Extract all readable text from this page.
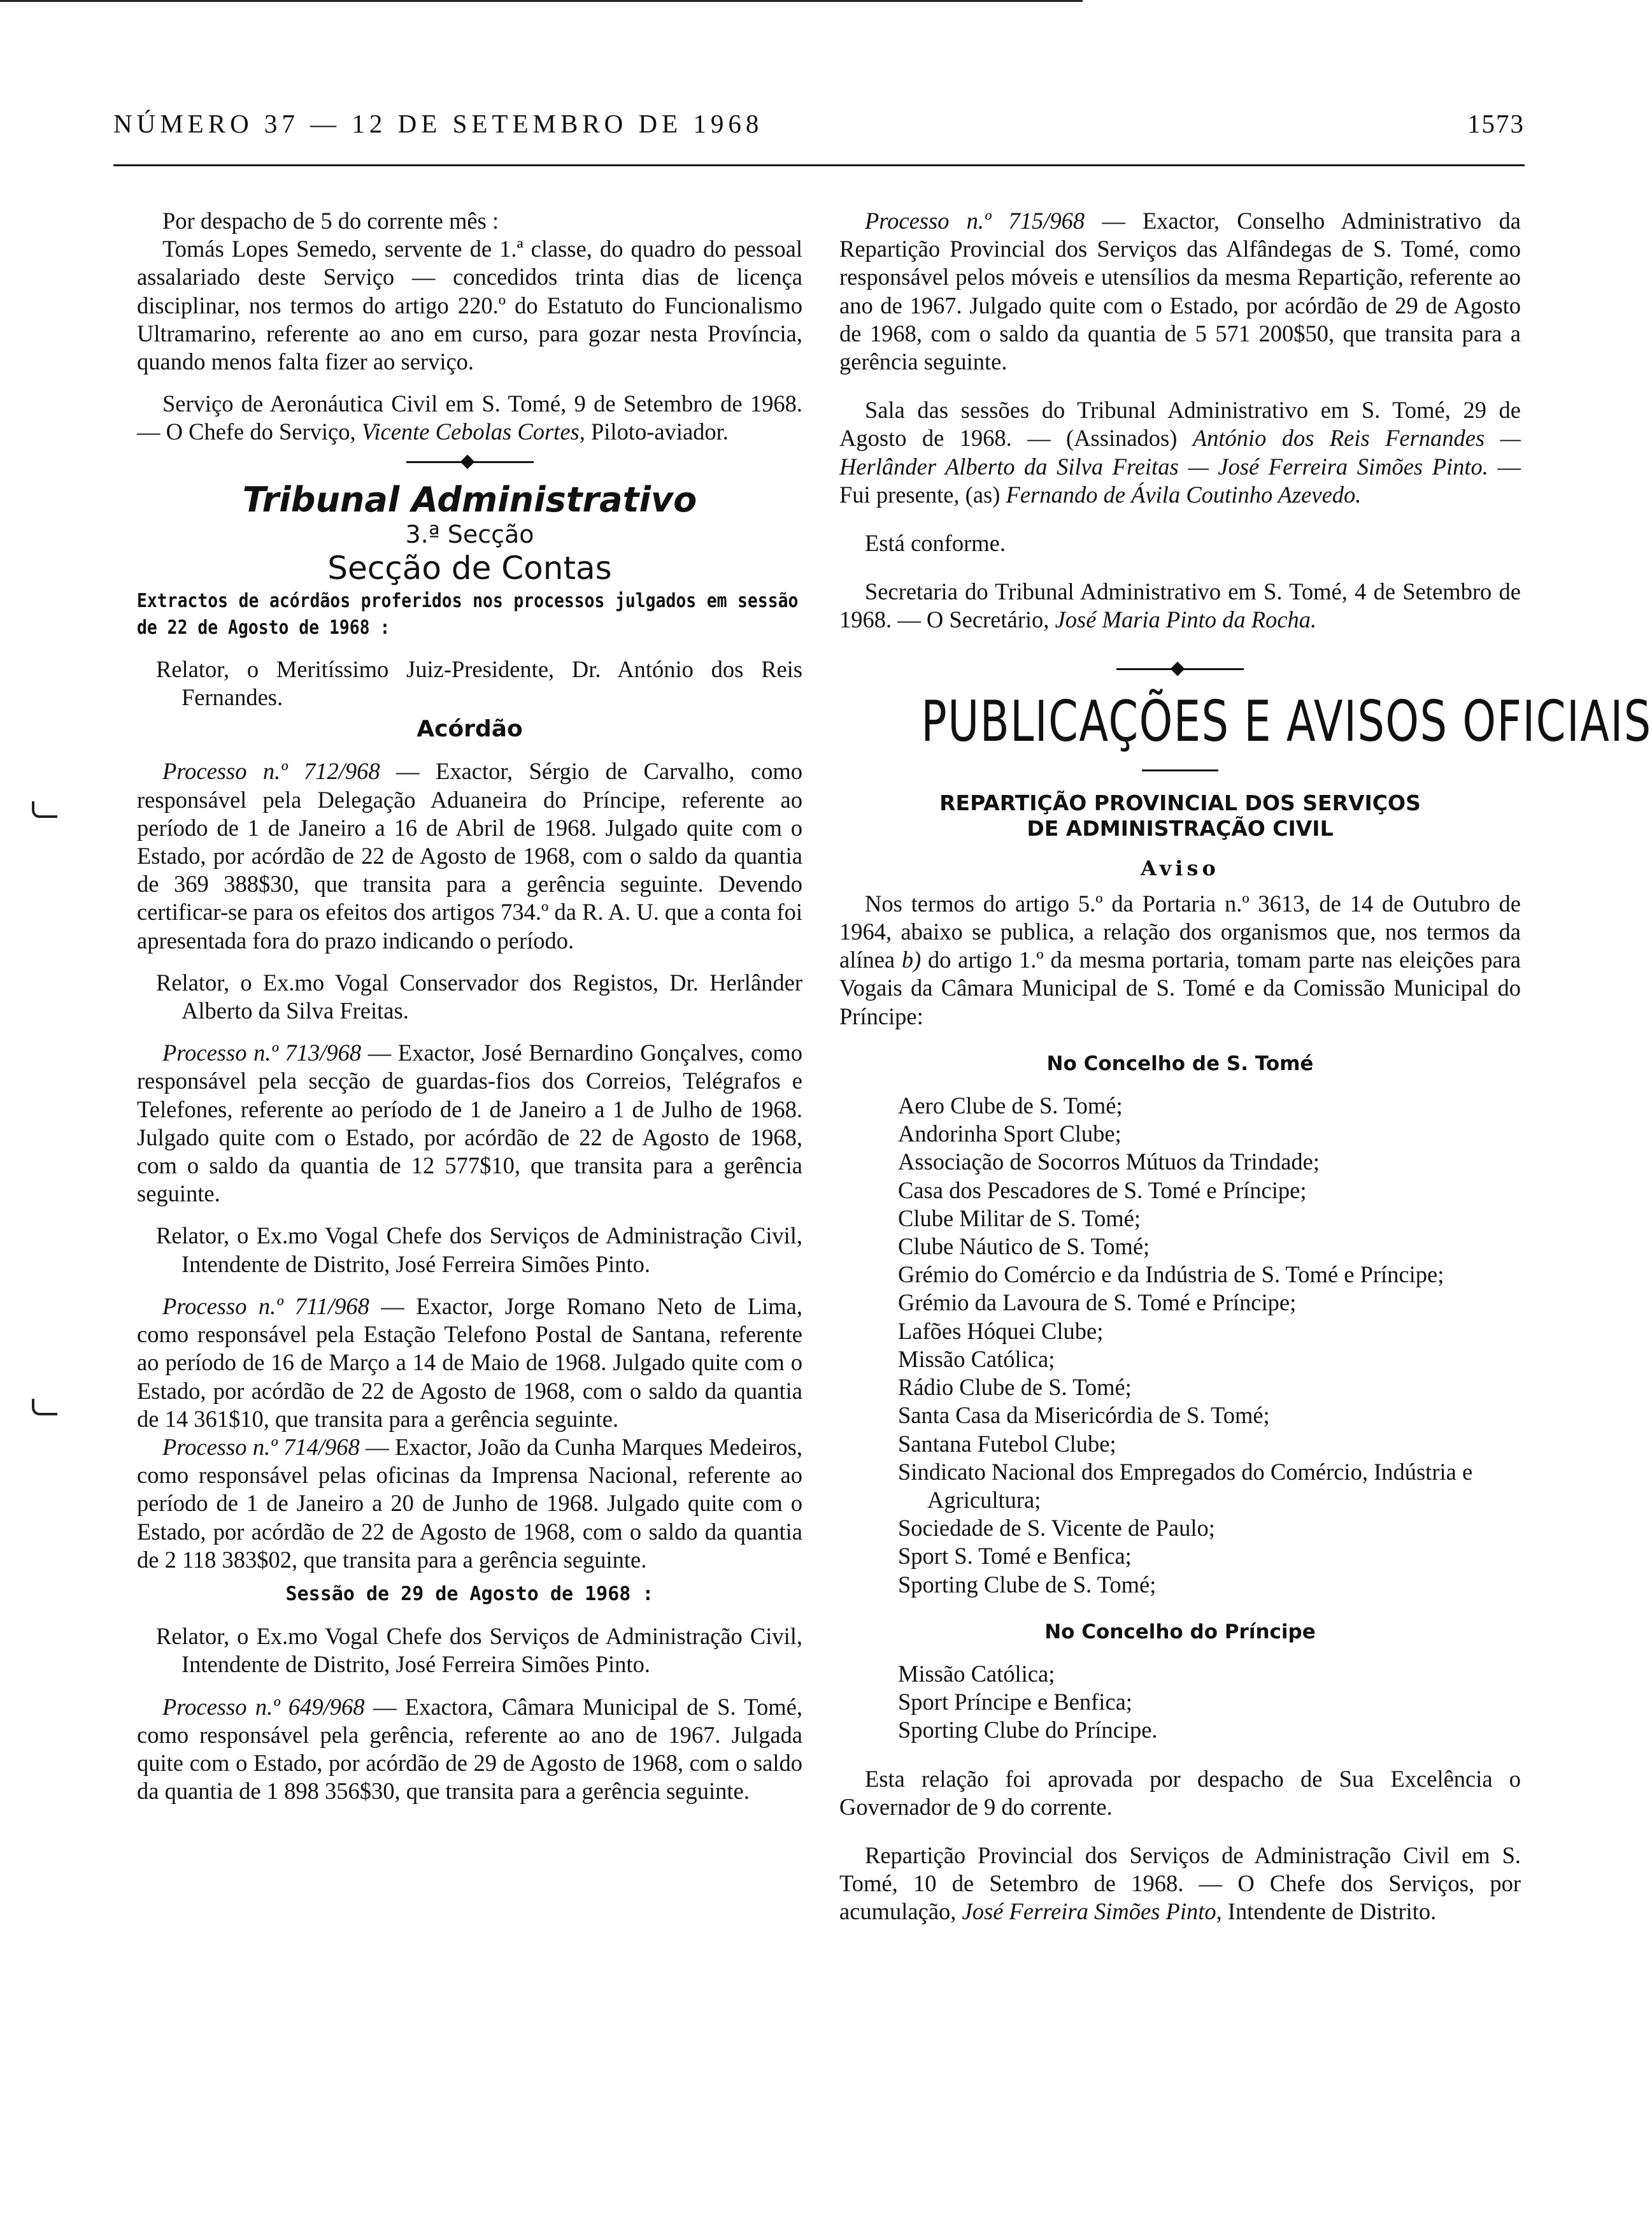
NÚMERO 37 — 12 DE SETEMBRO DE 1968	1573

Por despacho de 5 do corrente mês :

Tomás Lopes Semedo, servente de 1.ª classe, do quadro do pessoal assalariado deste Serviço — concedidos trinta dias de licença disciplinar, nos termos do artigo 220.º do Estatuto do Funcionalismo Ultramarino, referente ao ano em curso, para gozar nesta Província, quando menos falta fizer ao serviço.

Serviço de Aeronáutica Civil em S. Tomé, 9 de Setembro de 1968. — O Chefe do Serviço, Vicente Cebolas Cortes, Piloto-aviador.

Tribunal Administrativo

3.ª Secção

Secção de Contas

Extractos de acórdãos proferidos nos processos julgados em sessão de 22 de Agosto de 1968 :

Relator, o Meritíssimo Juiz-Presidente, Dr. António dos Reis Fernandes.

Acórdão

Processo n.º 712/968 — Exactor, Sérgio de Carvalho, como responsável pela Delegação Aduaneira do Príncipe, referente ao período de 1 de Janeiro a 16 de Abril de 1968. Julgado quite com o Estado, por acórdão de 22 de Agosto de 1968, com o saldo da quantia de 369 388$30, que transita para a gerência seguinte. Devendo certificar-se para os efeitos dos artigos 734.º da R. A. U. que a conta foi apresentada fora do prazo indicando o período.

Relator, o Ex.mo Vogal Conservador dos Registos, Dr. Herlânder Alberto da Silva Freitas.

Processo n.º 713/968 — Exactor, José Bernardino Gonçalves, como responsável pela secção de guardas-fios dos Correios, Telégrafos e Telefones, referente ao período de 1 de Janeiro a 1 de Julho de 1968. Julgado quite com o Estado, por acórdão de 22 de Agosto de 1968, com o saldo da quantia de 12 577$10, que transita para a gerência seguinte.

Relator, o Ex.mo Vogal Chefe dos Serviços de Administração Civil, Intendente de Distrito, José Ferreira Simões Pinto.

Processo n.º 711/968 — Exactor, Jorge Romano Neto de Lima, como responsável pela Estação Telefono Postal de Santana, referente ao período de 16 de Março a 14 de Maio de 1968. Julgado quite com o Estado, por acórdão de 22 de Agosto de 1968, com o saldo da quantia de 14 361$10, que transita para a gerência seguinte.

Processo n.º 714/968 — Exactor, João da Cunha Marques Medeiros, como responsável pelas oficinas da Imprensa Nacional, referente ao período de 1 de Janeiro a 20 de Junho de 1968. Julgado quite com o Estado, por acórdão de 22 de Agosto de 1968, com o saldo da quantia de 2 118 383$02, que transita para a gerência seguinte.

Sessão de 29 de Agosto de 1968 :

Relator, o Ex.mo Vogal Chefe dos Serviços de Administração Civil, Intendente de Distrito, José Ferreira Simões Pinto.

Processo n.º 649/968 — Exactora, Câmara Municipal de S. Tomé, como responsável pela gerência, referente ao ano de 1967. Julgada quite com o Estado, por acórdão de 29 de Agosto de 1968, com o saldo da quantia de 1 898 356$30, que transita para a gerência seguinte.

Processo n.º 715/968 — Exactor, Conselho Administrativo da Repartição Provincial dos Serviços das Alfândegas de S. Tomé, como responsável pelos móveis e utensílios da mesma Repartição, referente ao ano de 1967. Julgado quite com o Estado, por acórdão de 29 de Agosto de 1968, com o saldo da quantia de 5 571 200$50, que transita para a gerência seguinte.

Sala das sessões do Tribunal Administrativo em S. Tomé, 29 de Agosto de 1968. — (Assinados) António dos Reis Fernandes — Herlânder Alberto da Silva Freitas — José Ferreira Simões Pinto. — Fui presente, (as) Fernando de Ávila Coutinho Azevedo.

Está conforme.

Secretaria do Tribunal Administrativo em S. Tomé, 4 de Setembro de 1968. — O Secretário, José Maria Pinto da Rocha.

PUBLICAÇÕES E AVISOS OFICIAIS

REPARTIÇÃO PROVINCIAL DOS SERVIÇOS

DE ADMINISTRAÇÃO CIVIL

Aviso

Nos termos do artigo 5.º da Portaria n.º 3613, de 14 de Outubro de 1964, abaixo se publica, a relação dos organismos que, nos termos da alínea b) do artigo 1.º da mesma portaria, tomam parte nas eleições para Vogais da Câmara Municipal de S. Tomé e da Comissão Municipal do Príncipe:

No Concelho de S. Tomé

Aero Clube de S. Tomé;
Andorinha Sport Clube;
Associação de Socorros Mútuos da Trindade;
Casa dos Pescadores de S. Tomé e Príncipe;
Clube Militar de S. Tomé;
Clube Náutico de S. Tomé;
Grémio do Comércio e da Indústria de S. Tomé e Príncipe;
Grémio da Lavoura de S. Tomé e Príncipe;
Lafões Hóquei Clube;
Missão Católica;
Rádio Clube de S. Tomé;
Santa Casa da Misericórdia de S. Tomé;
Santana Futebol Clube;
Sindicato Nacional dos Empregados do Comércio, Indústria e Agricultura;
Sociedade de S. Vicente de Paulo;
Sport S. Tomé e Benfica;
Sporting Clube de S. Tomé;

No Concelho do Príncipe

Missão Católica;
Sport Príncipe e Benfica;
Sporting Clube do Príncipe.

Esta relação foi aprovada por despacho de Sua Excelência o Governador de 9 do corrente.

Repartição Provincial dos Serviços de Administração Civil em S. Tomé, 10 de Setembro de 1968. — O Chefe dos Serviços, por acumulação, José Ferreira Simões Pinto, Intendente de Distrito.
